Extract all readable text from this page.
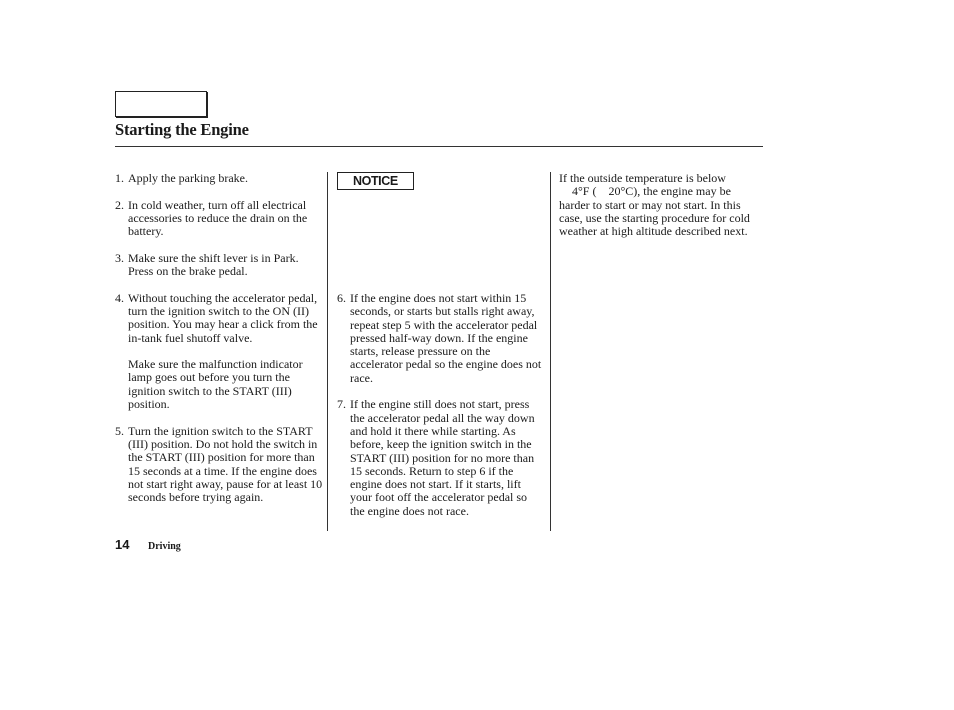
Starting the Engine

1. Apply the parking brake.

2. In cold weather, turn off all electrical accessories to reduce the drain on the battery.

3. Make sure the shift lever is in Park. Press on the brake pedal.

4. Without touching the accelerator pedal, turn the ignition switch to the ON (II) position. You may hear a click from the in-tank fuel shutoff valve.

Make sure the malfunction indicator lamp goes out before you turn the ignition switch to the START (III) position.

5. Turn the ignition switch to the START (III) position. Do not hold the switch in the START (III) position for more than 15 seconds at a time. If the engine does not start right away, pause for at least 10 seconds before trying again.

NOTICE

6. If the engine does not start within 15 seconds, or starts but stalls right away, repeat step 5 with the accelerator pedal pressed half-way down. If the engine starts, release pressure on the accelerator pedal so the engine does not race.

7. If the engine still does not start, press the accelerator pedal all the way down and hold it there while starting. As before, keep the ignition switch in the START (III) position for no more than 15 seconds. Return to step 6 if the engine does not start. If it starts, lift your foot off the accelerator pedal so the engine does not race.

If the outside temperature is below
4°F (    20°C), the engine may be
harder to start or may not start. In this case, use the starting procedure for cold weather at high altitude described next.
14 Driving
